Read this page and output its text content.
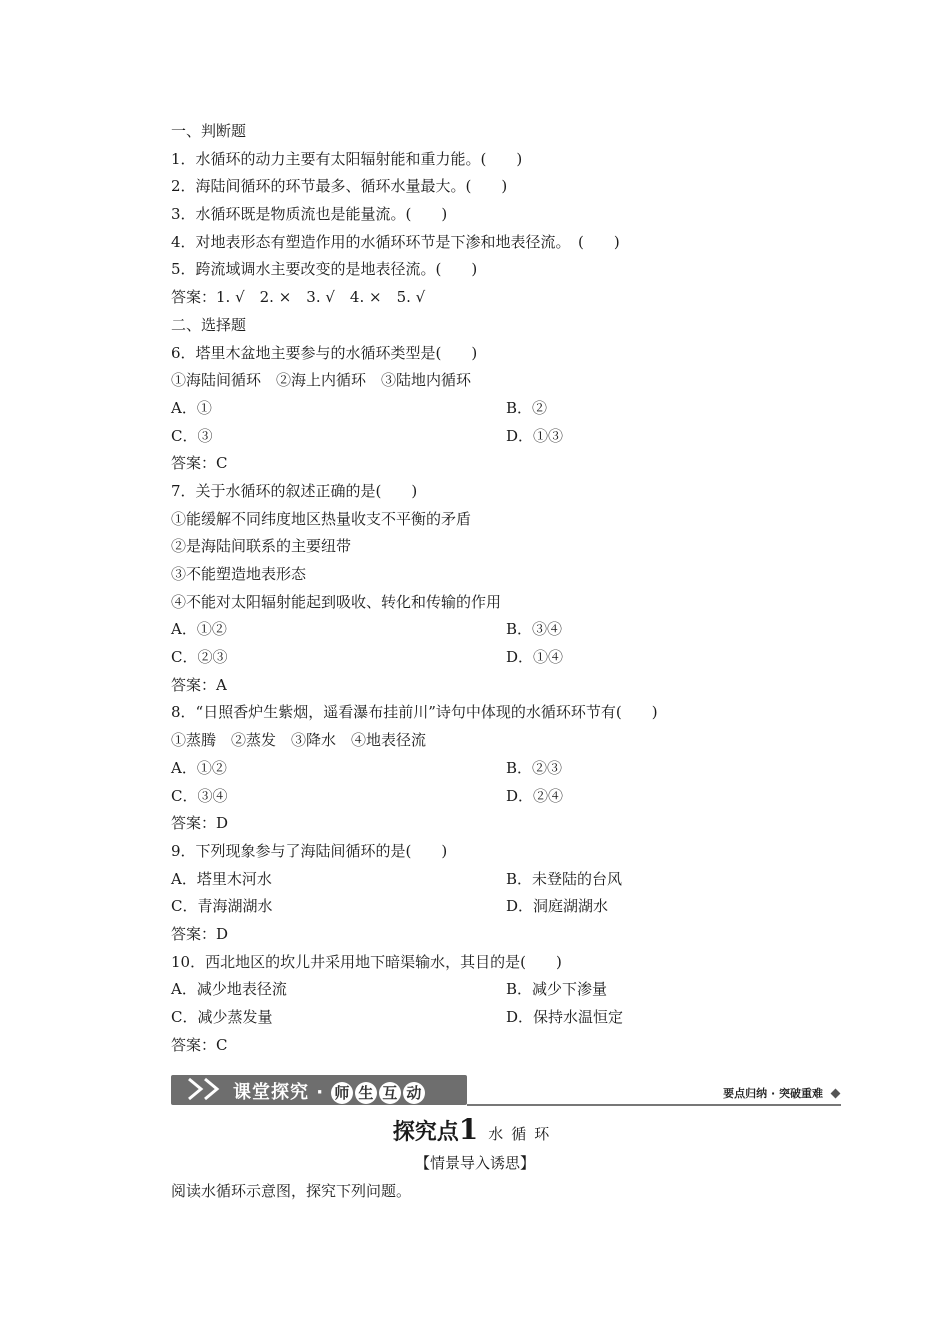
一、判断题
1．水循环的动力主要有太阳辐射能和重力能。(　　)
2．海陆间循环的环节最多、循环水量最大。(　　)
3．水循环既是物质流也是能量流。(　　)
4．对地表形态有塑造作用的水循环环节是下渗和地表径流。　(　　)
5．跨流域调水主要改变的是地表径流。(　　)
答案：1. √　2. ×　3. √　4. ×　5. √
二、选择题
6．塔里木盆地主要参与的水循环类型是(　　)
①海陆间循环　②海上内循环　③陆地内循环
A．①	B．②
C．③	D．①③
答案：C
7．关于水循环的叙述正确的是(　　)
①能缓解不同纬度地区热量收支不平衡的矛盾
②是海陆间联系的主要纽带
③不能塑造地表形态
④不能对太阳辐射能起到吸收、转化和传输的作用
A．①②	B．③④
C．②③	D．①④
答案：A
8．“日照香炉生紫烟，遥看瀑布挂前川”诗句中体现的水循环环节有(　　)
①蒸腾　②蒸发　③降水　④地表径流
A．①②	B．②③
C．③④	D．②④
答案：D
9．下列现象参与了海陆间循环的是(　　)
A．塔里木河水	B．未登陆的台风
C．青海湖湖水	D．洞庭湖湖水
答案：D
10．西北地区的坎儿井采用地下暗渠输水，其目的是(　　)
A．减少地表径流	B．减少下渗量
C．减少蒸发量	D．保持水温恒定
答案：C
课堂探究 · 师 生 互 动	要点归纳 · 突破重难
探究点1 水循环
【情景导入诱思】
阅读水循环示意图，探究下列问题。
